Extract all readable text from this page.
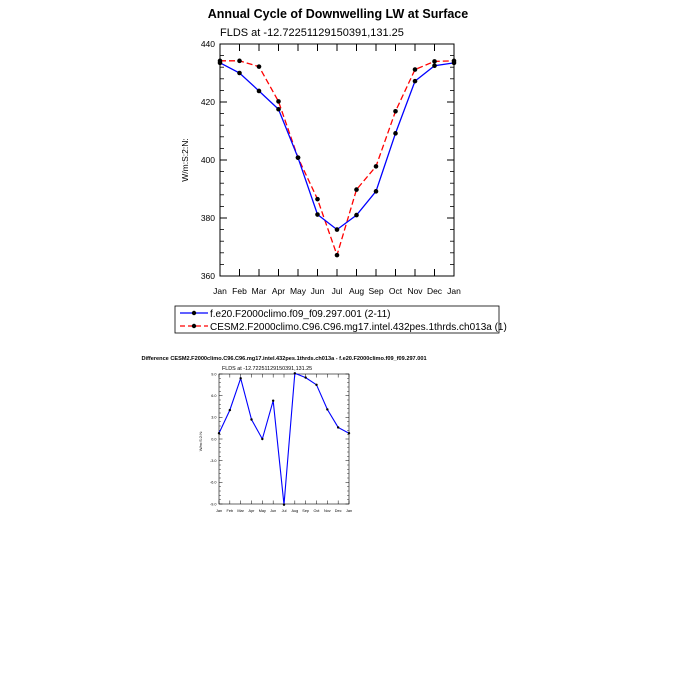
Annual Cycle of Downwelling LW at Surface
FLDS at -12.72251129150391,131.25
W/m:S:2:N:
360
380
400
420
440
Jan Feb Mar Apr May Jun Jul Aug Sep Oct Nov Dec Jan
f.e20.F2000climo.f09_f09.297.001 (2-11)
CESM2.F2000climo.C96.C96.mg17.intel.432pes.1thrds.ch013a (1)
Difference CESM2.F2000climo.C96.C96.mg17.intel.432pes.1thrds.ch013a - f.e20.F2000climo.f09_f09.297.001
FLDS at -12.72251129150391,131.25
W/m:S:2:N:
-9.0
-6.0
-3.0
0.0
3.0
6.0
9.0
Jan Feb Mar Apr May Jun Jul Aug Sep Oct Nov Dec Jan
